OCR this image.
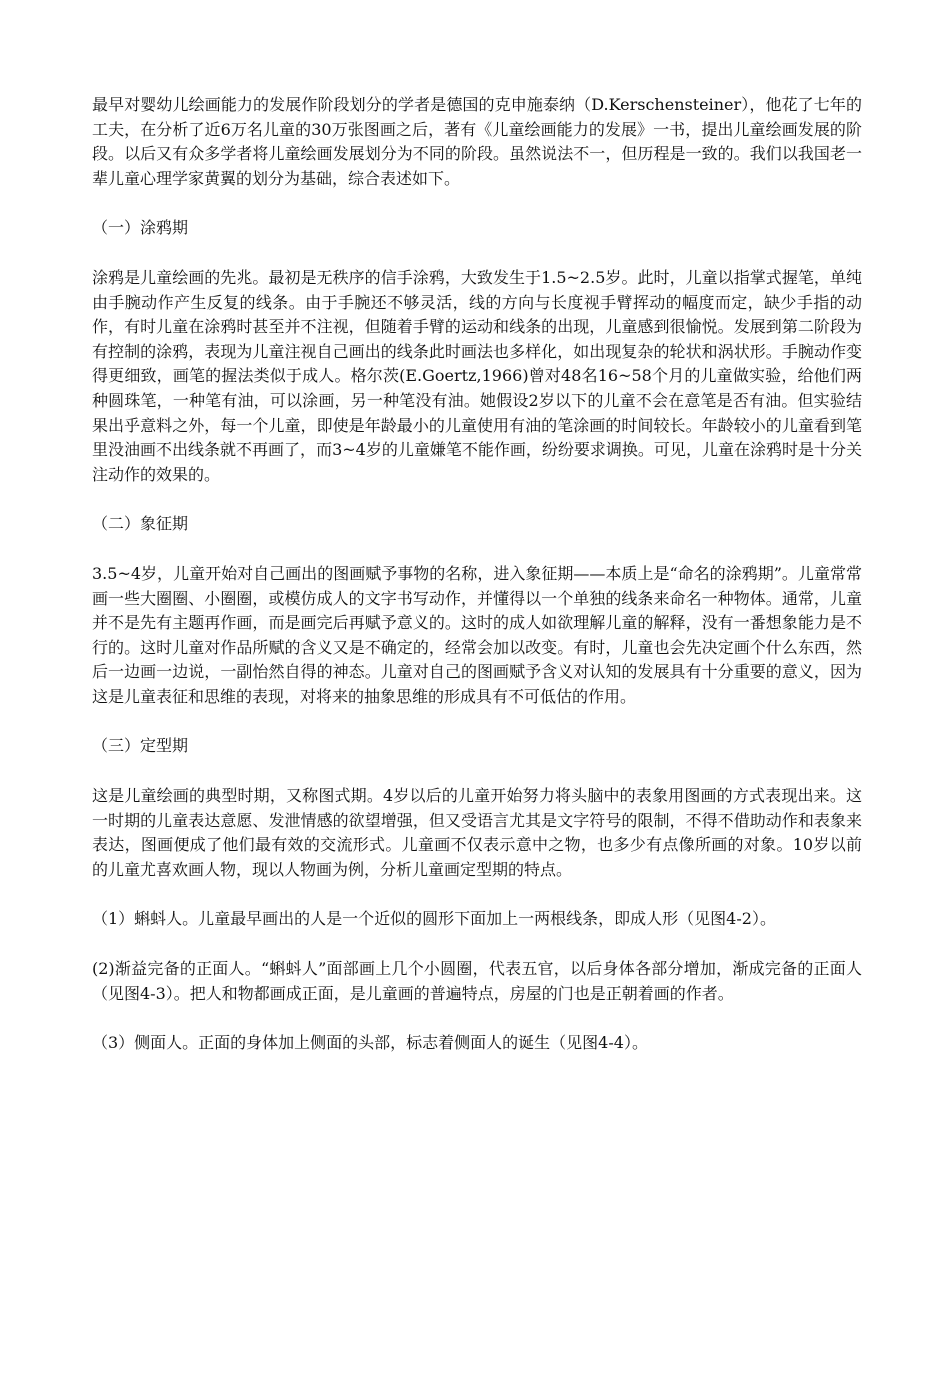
最早对婴幼儿绘画能力的发展作阶段划分的学者是德国的克申施泰纳（D.Kerschensteiner），他花了七年的工夫，在分析了近6万名儿童的30万张图画之后，著有《儿童绘画能力的发展》一书，提出儿童绘画发展的阶段。以后又有众多学者将儿童绘画发展划分为不同的阶段。虽然说法不一，但历程是一致的。我们以我国老一辈儿童心理学家黄翼的划分为基础，综合表述如下。

（一）涂鸦期

涂鸦是儿童绘画的先兆。最初是无秩序的信手涂鸦，大致发生于1.5~2.5岁。此时，儿童以指掌式握笔，单纯由手腕动作产生反复的线条。由于手腕还不够灵活，线的方向与长度视手臂挥动的幅度而定，缺少手指的动作，有时儿童在涂鸦时甚至并不注视，但随着手臂的运动和线条的出现，儿童感到很愉悦。发展到第二阶段为有控制的涂鸦，表现为儿童注视自己画出的线条此时画法也多样化，如出现复杂的轮状和涡状形。手腕动作变得更细致，画笔的握法类似于成人。格尔茨(E.Goertz,1966)曾对48名16~58个月的儿童做实验，给他们两种圆珠笔，一种笔有油，可以涂画，另一种笔没有油。她假设2岁以下的儿童不会在意笔是否有油。但实验结果出乎意料之外，每一个儿童，即使是年龄最小的儿童使用有油的笔涂画的时间较长。年龄较小的儿童看到笔里没油画不出线条就不再画了，而3~4岁的儿童嫌笔不能作画，纷纷要求调换。可见，儿童在涂鸦时是十分关注动作的效果的。

（二）象征期

3.5~4岁，儿童开始对自己画出的图画赋予事物的名称，进入象征期——本质上是“命名的涂鸦期”。儿童常常画一些大圈圈、小圈圈，或模仿成人的文字书写动作，并懂得以一个单独的线条来命名一种物体。通常，儿童并不是先有主题再作画，而是画完后再赋予意义的。这时的成人如欲理解儿童的解释，没有一番想象能力是不行的。这时儿童对作品所赋的含义又是不确定的，经常会加以改变。有时，儿童也会先决定画个什么东西，然后一边画一边说，一副怡然自得的神态。儿童对自己的图画赋予含义对认知的发展具有十分重要的意义，因为这是儿童表征和思维的表现，对将来的抽象思维的形成具有不可低估的作用。

（三）定型期

这是儿童绘画的典型时期，又称图式期。4岁以后的儿童开始努力将头脑中的表象用图画的方式表现出来。这一时期的儿童表达意愿、发泄情感的欲望增强，但又受语言尤其是文字符号的限制，不得不借助动作和表象来表达，图画便成了他们最有效的交流形式。儿童画不仅表示意中之物，也多少有点像所画的对象。10岁以前的儿童尤喜欢画人物，现以人物画为例，分析儿童画定型期的特点。

（1）蝌蚪人。儿童最早画出的人是一个近似的圆形下面加上一两根线条，即成人形（见图4-2）。

(2)渐益完备的正面人。“蝌蚪人”面部画上几个小圆圈，代表五官，以后身体各部分增加，渐成完备的正面人（见图4-3）。把人和物都画成正面，是儿童画的普遍特点，房屋的门也是正朝着画的作者。

（3）侧面人。正面的身体加上侧面的头部，标志着侧面人的诞生（见图4-4）。
